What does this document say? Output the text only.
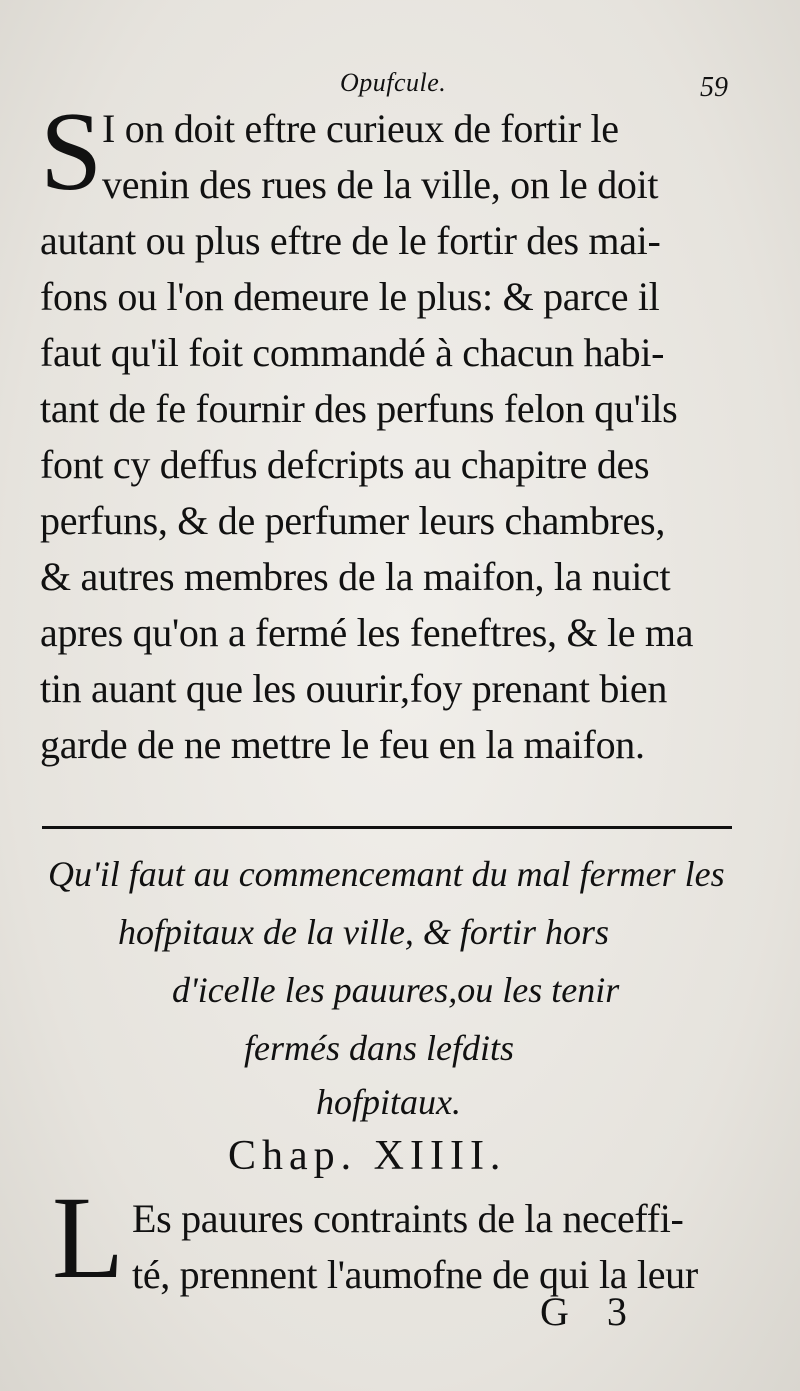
Opufcule.	59
S I on doit eftre curieux de fortir le
venin des rues de la ville, on le doit
autant ou plus eftre de le fortir des mai-
fons ou l'on demeure le plus: & parce il
faut qu'il foit commandé à chacun habi-
tant de fe fournir des perfuns felon qu'ils
font cy deffus defcripts au chapitre des
perfuns, & de perfumer leurs chambres,
& autres membres de la maifon, la nuict
apres qu'on a fermé les feneftres, & le ma
tin auant que les ouurir,foy prenant bien
garde de ne mettre le feu en la maifon.
Qu'il faut au commencemant du mal fermer les
hofpitaux de la ville, & fortir hors
d'icelle les pauures,ou les tenir
fermés dans lefdits
hofpitaux.
Chap. XIIII.
L Es pauures contraints de la neceffi-
té, prennent l'aumofne de qui la leur
G 3
